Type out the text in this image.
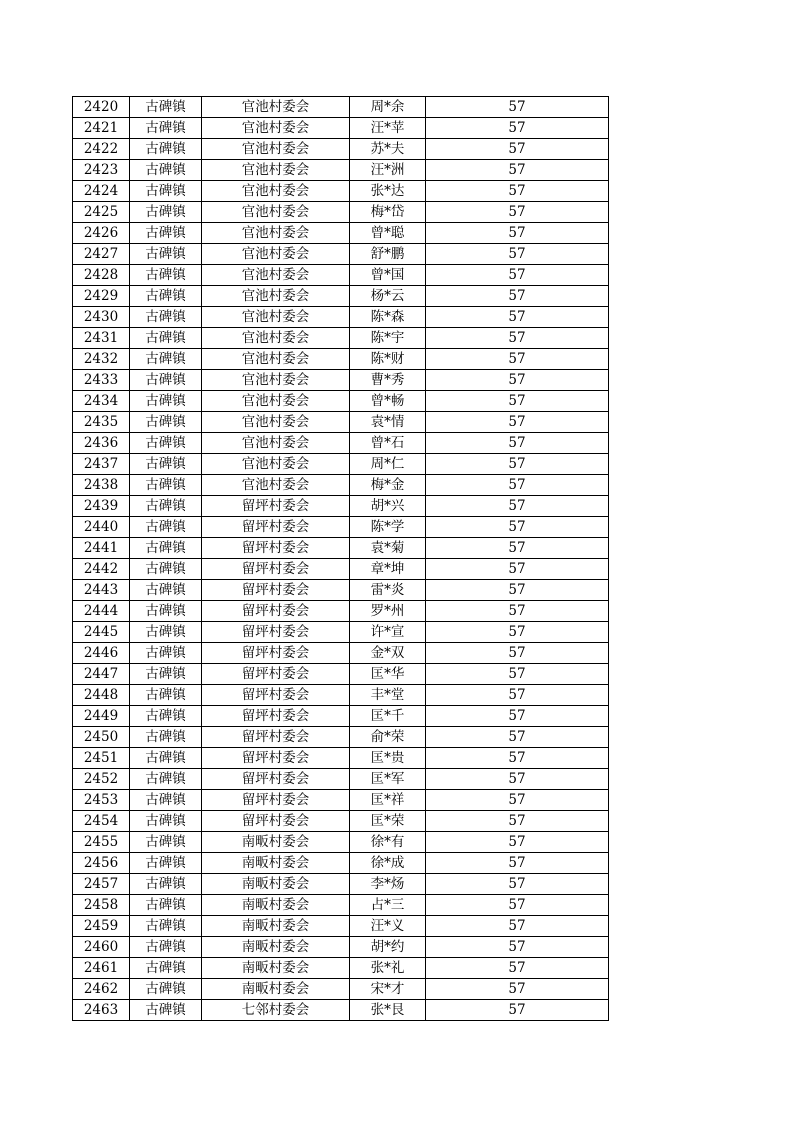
2420	古碑镇	官池村委会	周*余	57
2421	古碑镇	官池村委会	汪*苹	57
2422	古碑镇	官池村委会	苏*夫	57
2423	古碑镇	官池村委会	汪*洲	57
2424	古碑镇	官池村委会	张*达	57
2425	古碑镇	官池村委会	梅*岱	57
2426	古碑镇	官池村委会	曾*聪	57
2427	古碑镇	官池村委会	舒*鹏	57
2428	古碑镇	官池村委会	曾*国	57
2429	古碑镇	官池村委会	杨*云	57
2430	古碑镇	官池村委会	陈*森	57
2431	古碑镇	官池村委会	陈*宇	57
2432	古碑镇	官池村委会	陈*财	57
2433	古碑镇	官池村委会	曹*秀	57
2434	古碑镇	官池村委会	曾*畅	57
2435	古碑镇	官池村委会	袁*情	57
2436	古碑镇	官池村委会	曾*石	57
2437	古碑镇	官池村委会	周*仁	57
2438	古碑镇	官池村委会	梅*金	57
2439	古碑镇	留坪村委会	胡*兴	57
2440	古碑镇	留坪村委会	陈*学	57
2441	古碑镇	留坪村委会	袁*菊	57
2442	古碑镇	留坪村委会	章*坤	57
2443	古碑镇	留坪村委会	雷*炎	57
2444	古碑镇	留坪村委会	罗*州	57
2445	古碑镇	留坪村委会	许*宣	57
2446	古碑镇	留坪村委会	金*双	57
2447	古碑镇	留坪村委会	匡*华	57
2448	古碑镇	留坪村委会	丰*堂	57
2449	古碑镇	留坪村委会	匡*千	57
2450	古碑镇	留坪村委会	俞*荣	57
2451	古碑镇	留坪村委会	匡*贵	57
2452	古碑镇	留坪村委会	匡*军	57
2453	古碑镇	留坪村委会	匡*祥	57
2454	古碑镇	留坪村委会	匡*荣	57
2455	古碑镇	南畈村委会	徐*有	57
2456	古碑镇	南畈村委会	徐*成	57
2457	古碑镇	南畈村委会	李*炀	57
2458	古碑镇	南畈村委会	占*三	57
2459	古碑镇	南畈村委会	汪*义	57
2460	古碑镇	南畈村委会	胡*约	57
2461	古碑镇	南畈村委会	张*礼	57
2462	古碑镇	南畈村委会	宋*才	57
2463	古碑镇	七邻村委会	张*艮	57
